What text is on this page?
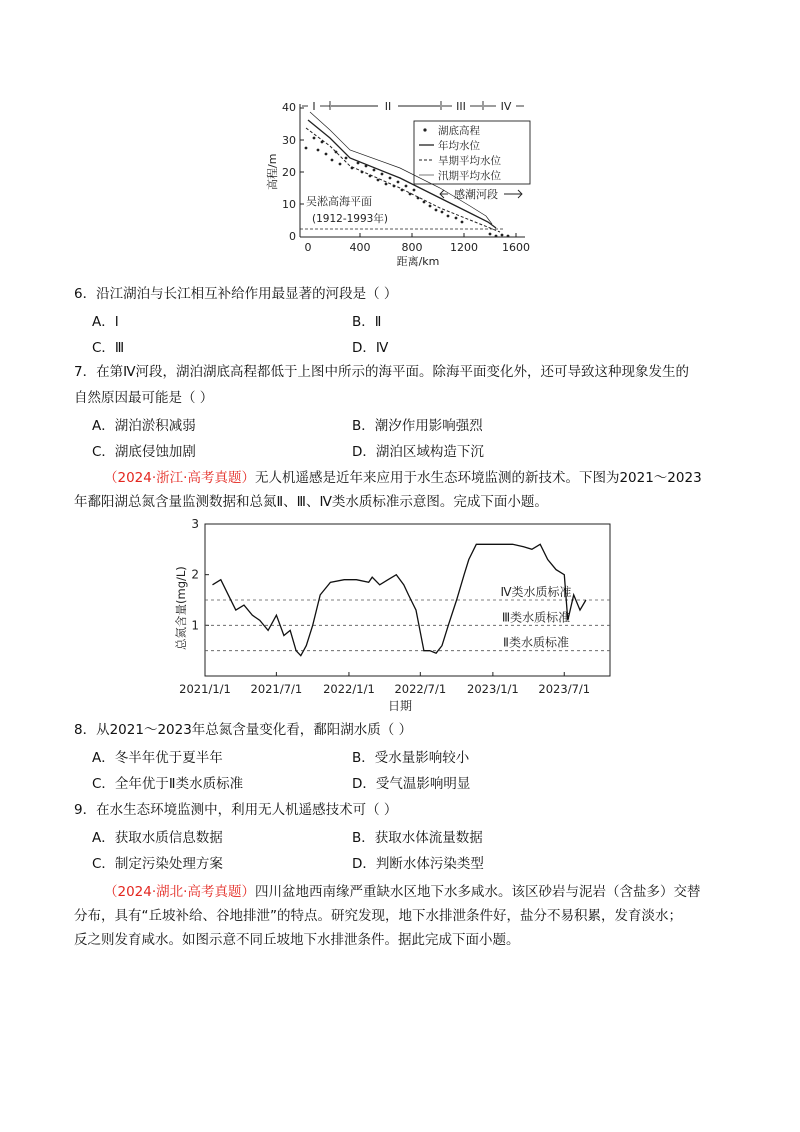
40
30
20
10
0
高程/m
0	400	800	1200 1600
距离/km
I	II	III	IV
湖底高程
年均水位
旱期平均水位
汛期平均水位
吴淞高海平面
(1912-1993年)
感潮河段
6．沿江湖泊与长江相互补给作用最显著的河段是（ ）
A．Ⅰ	B．Ⅱ
C．Ⅲ	D．Ⅳ
7．在第Ⅳ河段，湖泊湖底高程都低于上图中所示的海平面。除海平面变化外，还可导致这种现象发生的
自然原因最可能是（ ）
A．湖泊淤积减弱	B．潮汐作用影响强烈
C．湖底侵蚀加剧	D．湖泊区域构造下沉
（2024·浙江·高考真题）无人机遥感是近年来应用于水生态环境监测的新技术。下图为2021～2023
年鄱阳湖总氮含量监测数据和总氮Ⅱ、Ⅲ、Ⅳ类水质标准示意图。完成下面小题。
3
2
1
2021/1/1 2021/7/1 2022/1/1 2022/7/1 2023/1/1 2023/7/1
Ⅳ类水质标准
Ⅲ类水质标准
Ⅱ类水质标准
总氮含量(mg/L)
日期
8．从2021～2023年总氮含量变化看，鄱阳湖水质（ ）
A．冬半年优于夏半年	B．受水量影响较小
C．全年优于Ⅱ类水质标准	D．受气温影响明显
9．在水生态环境监测中，利用无人机遥感技术可（ ）
A．获取水质信息数据	B．获取水体流量数据
C．制定污染处理方案	D．判断水体污染类型
（2024·湖北·高考真题）四川盆地西南缘严重缺水区地下水多咸水。该区砂岩与泥岩（含盐多）交替
分布，具有“丘坡补给、谷地排泄”的特点。研究发现，地下水排泄条件好，盐分不易积累，发育淡水；
反之则发育咸水。如图示意不同丘坡地下水排泄条件。据此完成下面小题。
